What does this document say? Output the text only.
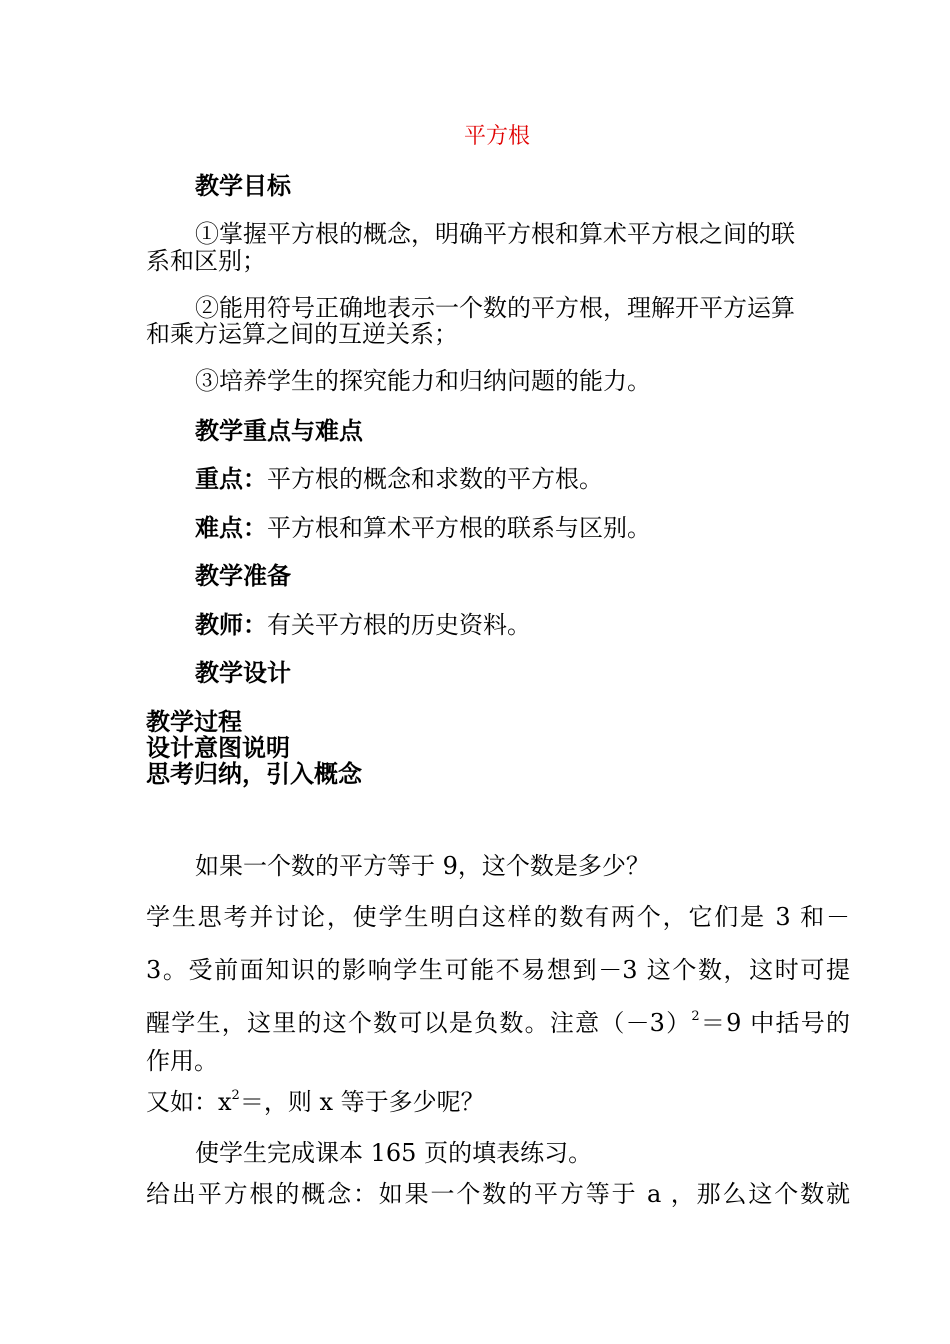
平方根
教学目标
①掌握平方根的概念，明确平方根和算术平方根之间的联
系和区别；
②能用符号正确地表示一个数的平方根，理解开平方运算
和乘方运算之间的互逆关系；
③培养学生的探究能力和归纳问题的能力。
教学重点与难点
重点：平方根的概念和求数的平方根。
难点：平方根和算术平方根的联系与区别。
教学准备
教师：有关平方根的历史资料。
教学设计
教学过程
设计意图说明
思考归纳，引入概念
如果一个数的平方等于 9，这个数是多少？
学生思考并讨论，使学生明白这样的数有两个，它们是 3 和－
3。受前面知识的影响学生可能不易想到－3 这个数，这时可提
醒学生，这里的这个数可以是负数。注意$(-3)^2=9$ 中括号的
作用。
又如：$x^2=$，则 x 等于多少呢？
使学生完成课本 165 页的填表练习。
给出平方根的概念：如果一个数的平方等于 a ，那么这个数就
